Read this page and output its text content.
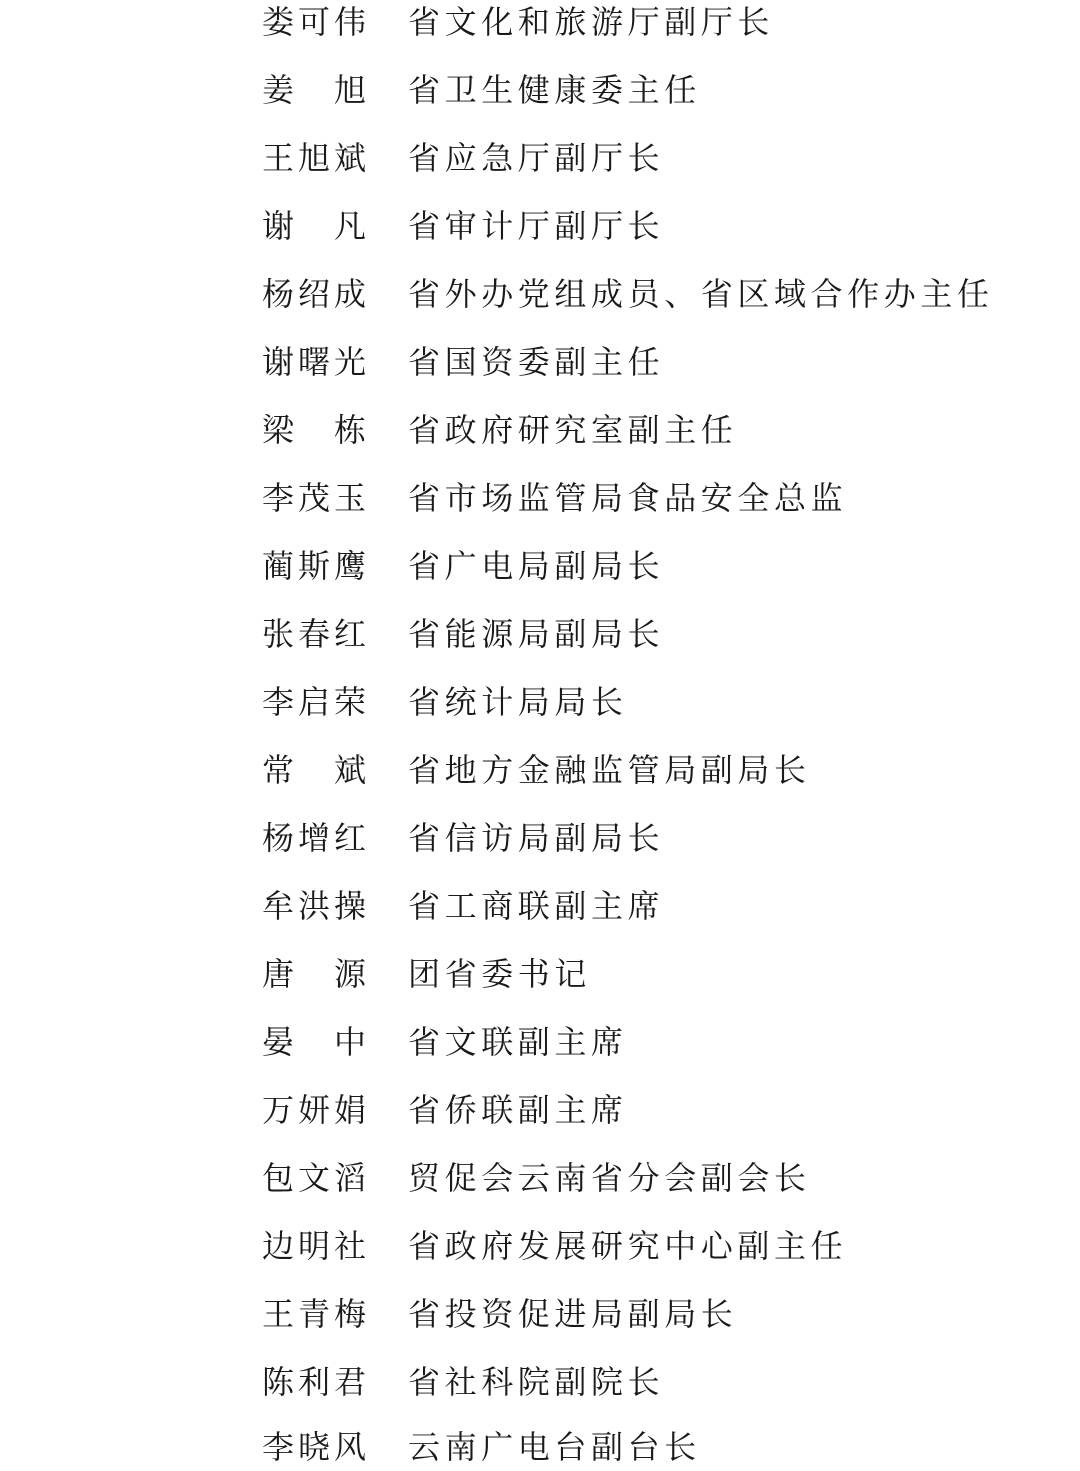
娄可伟 省文化和旅游厅副厅长
姜　旭 省卫生健康委主任
王旭斌 省应急厅副厅长
谢　凡 省审计厅副厅长
杨绍成 省外办党组成员、省区域合作办主任
谢曙光 省国资委副主任
梁　栋 省政府研究室副主任
李茂玉 省市场监管局食品安全总监
蔺斯鹰 省广电局副局长
张春红 省能源局副局长
李启荣 省统计局局长
常　斌 省地方金融监管局副局长
杨增红 省信访局副局长
牟洪操 省工商联副主席
唐　源 团省委书记
晏　中 省文联副主席
万妍娟 省侨联副主席
包文滔 贸促会云南省分会副会长
边明社 省政府发展研究中心副主任
王青梅 省投资促进局副局长
陈利君 省社科院副院长
李晓风 云南广电台副台长
